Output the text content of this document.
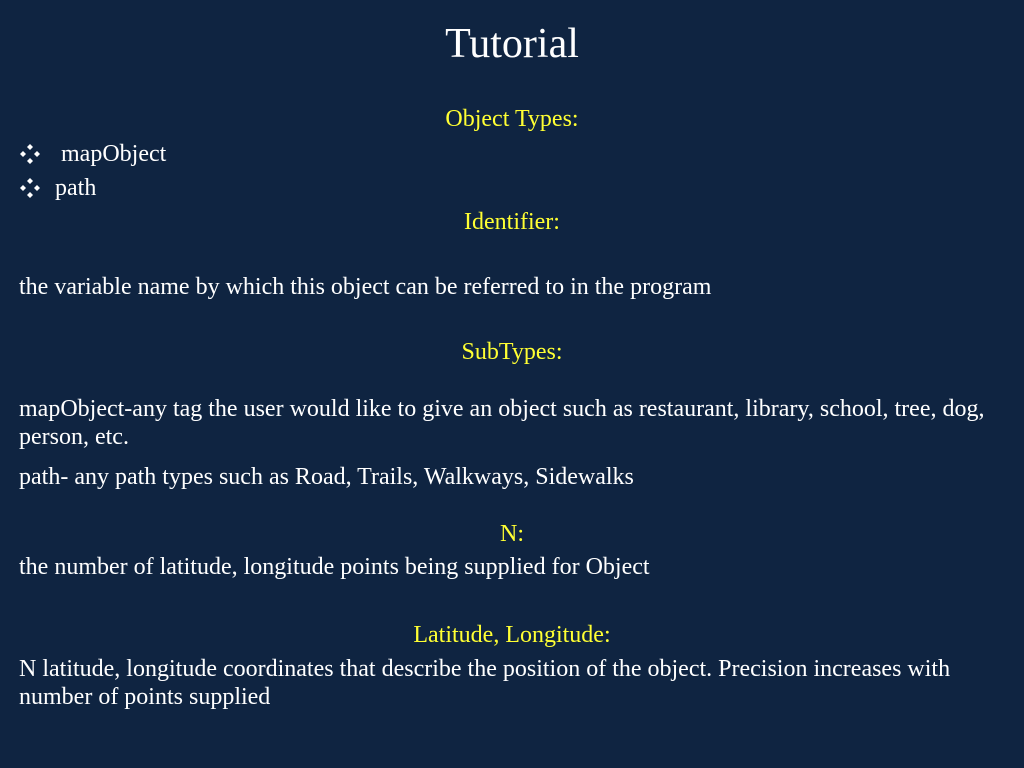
Tutorial
Object Types:
mapObject
path
Identifier:
the variable name by which this object can be referred to in the program
SubTypes:
mapObject-any tag the user would like to give an object such as restaurant, library, school, tree, dog, person, etc.
path- any path types such as Road, Trails, Walkways, Sidewalks
N:
the number of latitude, longitude points being supplied for Object
Latitude, Longitude:
N latitude, longitude coordinates that describe the position of the object. Precision increases with number of points supplied
